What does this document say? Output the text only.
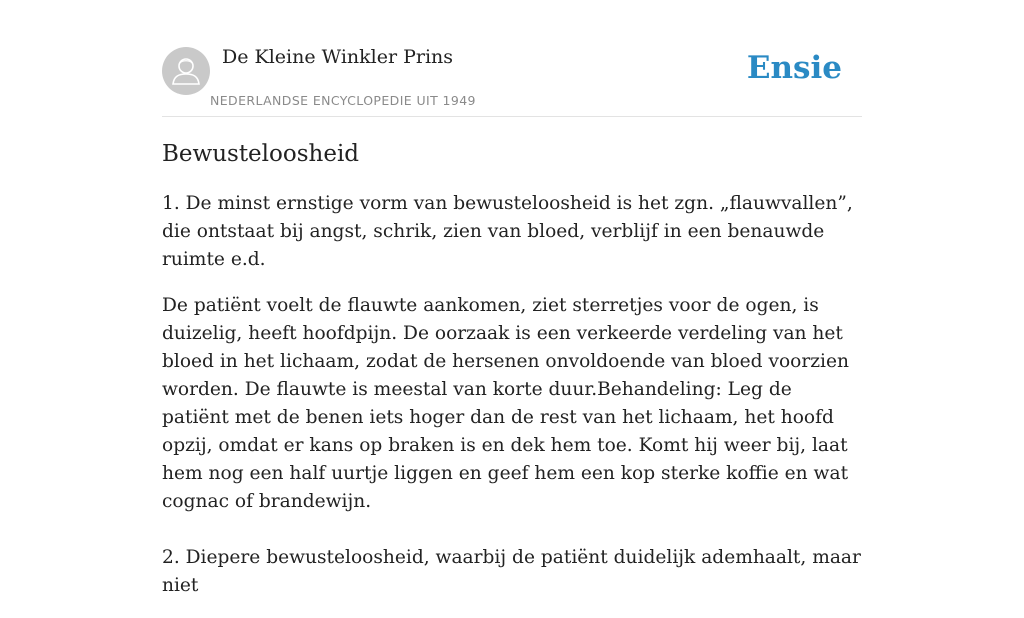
De Kleine Winkler Prins
NEDERLANDSE ENCYCLOPEDIE UIT 1949
Ensie
Bewusteloosheid

1. De minst ernstige vorm van bewusteloosheid is het zgn. „flauwvallen”, die ontstaat bij angst, schrik, zien van bloed, verblijf in een benauwde ruimte e.d.

De patiënt voelt de flauwte aankomen, ziet sterretjes voor de ogen, is duizelig, heeft hoofdpijn. De oorzaak is een verkeerde verdeling van het bloed in het lichaam, zodat de hersenen onvoldoende van bloed voorzien worden. De flauwte is meestal van korte duur.Behandeling: Leg de patiënt met de benen iets hoger dan de rest van het lichaam, het hoofd opzij, omdat er kans op braken is en dek hem toe. Komt hij weer bij, laat hem nog een half uurtje liggen en geef hem een kop sterke koffie en wat cognac of brandewijn.

2. Diepere bewusteloosheid, waarbij de patiënt duidelijk ademhaalt, maar niet
